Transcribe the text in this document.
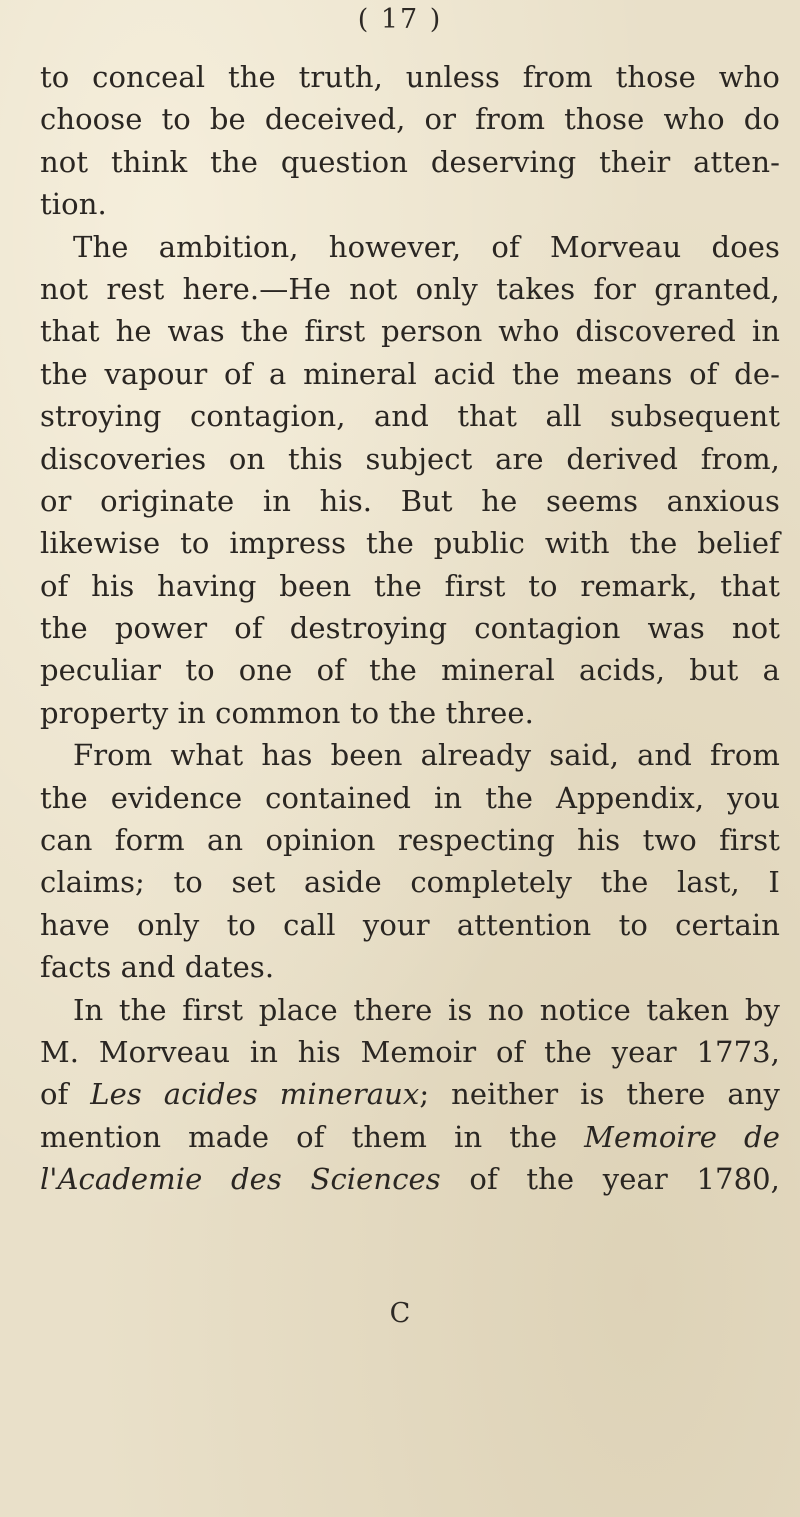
( 17 )
to conceal the truth, unless from those who
choose to be deceived, or from those who do
not think the question deserving their atten-
tion.
The ambition, however, of Morveau does
not rest here.—He not only takes for granted,
that he was the first person who discovered in
the vapour of a mineral acid the means of de-
stroying contagion, and that all subsequent
discoveries on this subject are derived from,
or originate in his. But he seems anxious
likewise to impress the public with the belief
of his having been the first to remark, that
the power of destroying contagion was not
peculiar to one of the mineral acids, but a
property in common to the three.
From what has been already said, and from
the evidence contained in the Appendix, you
can form an opinion respecting his two first
claims; to set aside completely the last, I
have only to call your attention to certain
facts and dates.
In the first place there is no notice taken by
M. Morveau in his Memoir of the year 1773,
of Les acides mineraux; neither is there any
mention made of them in the Memoire de
l'Academie des Sciences of the year 1780,
C
